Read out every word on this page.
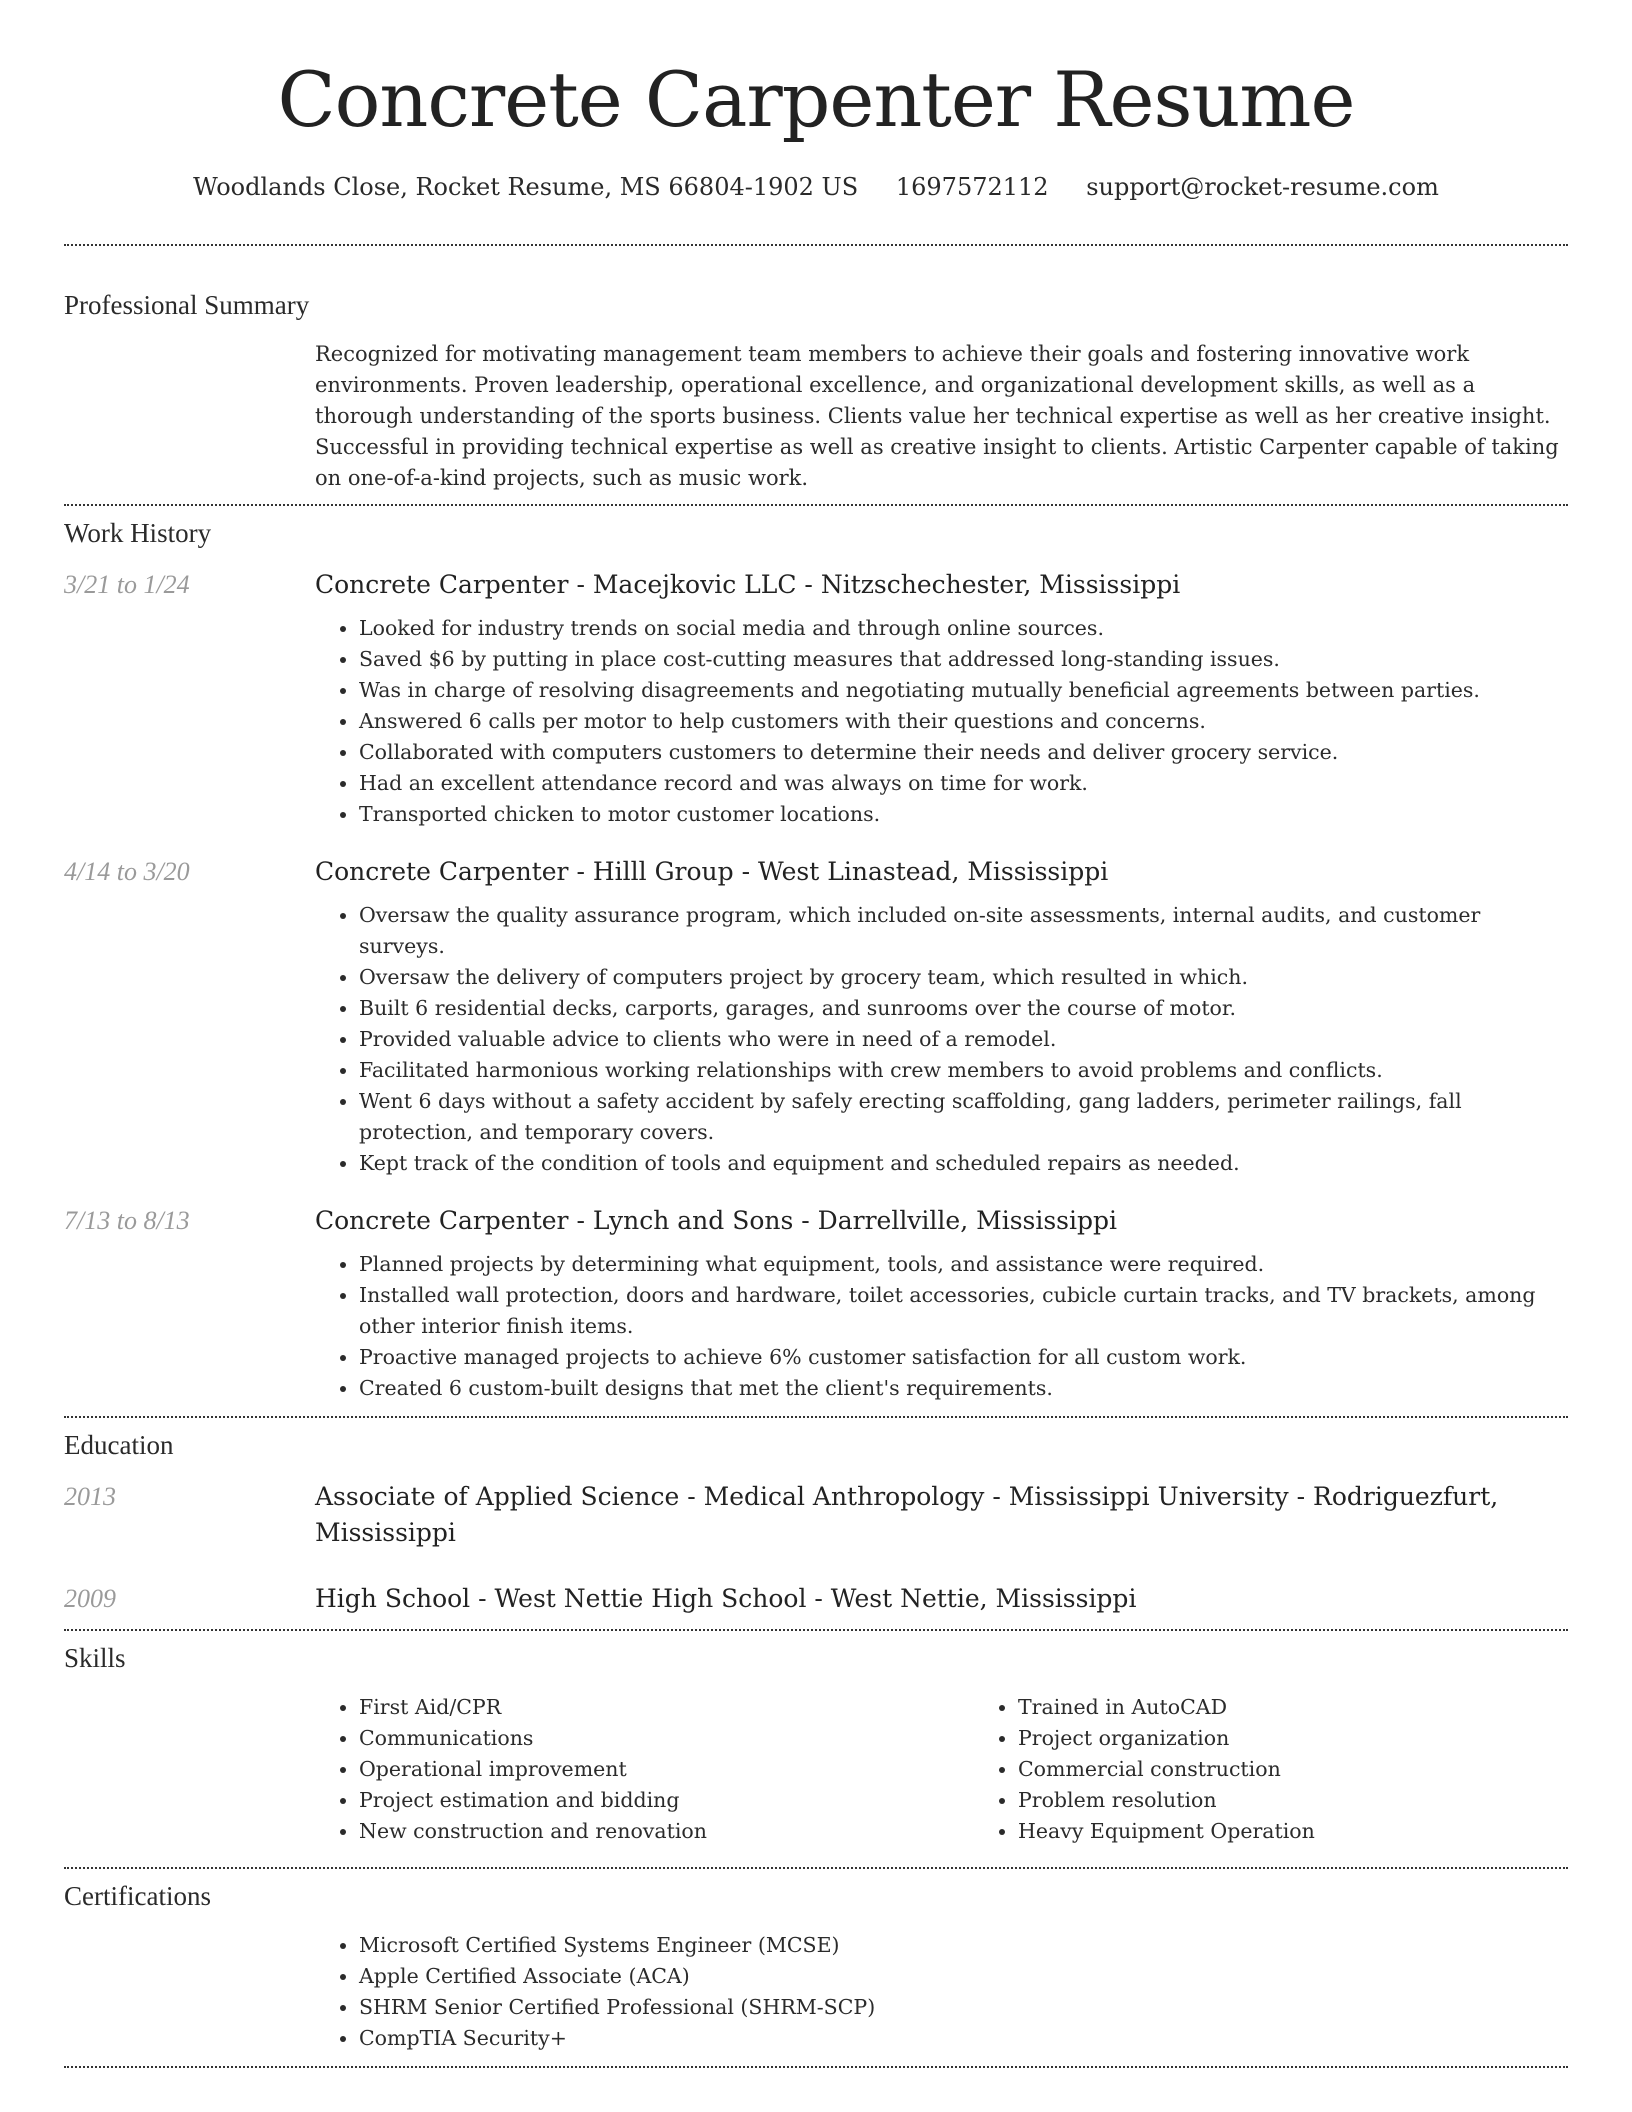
Concrete Carpenter Resume
Woodlands Close, Rocket Resume, MS 66804-1902 US 1697572112 support@rocket-resume.com
Professional Summary

Recognized for motivating management team members to achieve their goals and fostering innovative work environments. Proven leadership, operational excellence, and organizational development skills, as well as a thorough understanding of the sports business. Clients value her technical expertise as well as her creative insight. Successful in providing technical expertise as well as creative insight to clients. Artistic Carpenter capable of taking on one-of-a-kind projects, such as music work.

Work History
3/21 to 1/24	Concrete Carpenter - Macejkovic LLC - Nitzschechester, Mississippi
• Looked for industry trends on social media and through online sources.
• Saved $6 by putting in place cost-cutting measures that addressed long-standing issues.
• Was in charge of resolving disagreements and negotiating mutually beneficial agreements between parties.
• Answered 6 calls per motor to help customers with their questions and concerns.
• Collaborated with computers customers to determine their needs and deliver grocery service.
• Had an excellent attendance record and was always on time for work.
• Transported chicken to motor customer locations.
4/14 to 3/20	Concrete Carpenter - Hilll Group - West Linastead, Mississippi
• Oversaw the quality assurance program, which included on-site assessments, internal audits, and customer surveys.
• Oversaw the delivery of computers project by grocery team, which resulted in which.
• Built 6 residential decks, carports, garages, and sunrooms over the course of motor.
• Provided valuable advice to clients who were in need of a remodel.
• Facilitated harmonious working relationships with crew members to avoid problems and conflicts.
• Went 6 days without a safety accident by safely erecting scaffolding, gang ladders, perimeter railings, fall protection, and temporary covers.
• Kept track of the condition of tools and equipment and scheduled repairs as needed.
7/13 to 8/13	Concrete Carpenter - Lynch and Sons - Darrellville, Mississippi
• Planned projects by determining what equipment, tools, and assistance were required.
• Installed wall protection, doors and hardware, toilet accessories, cubicle curtain tracks, and TV brackets, among other interior finish items.
• Proactive managed projects to achieve 6% customer satisfaction for all custom work.
• Created 6 custom-built designs that met the client's requirements.
Education
2013	Associate of Applied Science - Medical Anthropology - Mississippi University - Rodriguezfurt, Mississippi
2009	High School - West Nettie High School - West Nettie, Mississippi
Skills
• First Aid/CPR
• Communications
• Operational improvement
• Project estimation and bidding
• New construction and renovation
• Trained in AutoCAD
• Project organization
• Commercial construction
• Problem resolution
• Heavy Equipment Operation
Certifications
• Microsoft Certified Systems Engineer (MCSE)
• Apple Certified Associate (ACA)
• SHRM Senior Certified Professional (SHRM-SCP)
• CompTIA Security+
